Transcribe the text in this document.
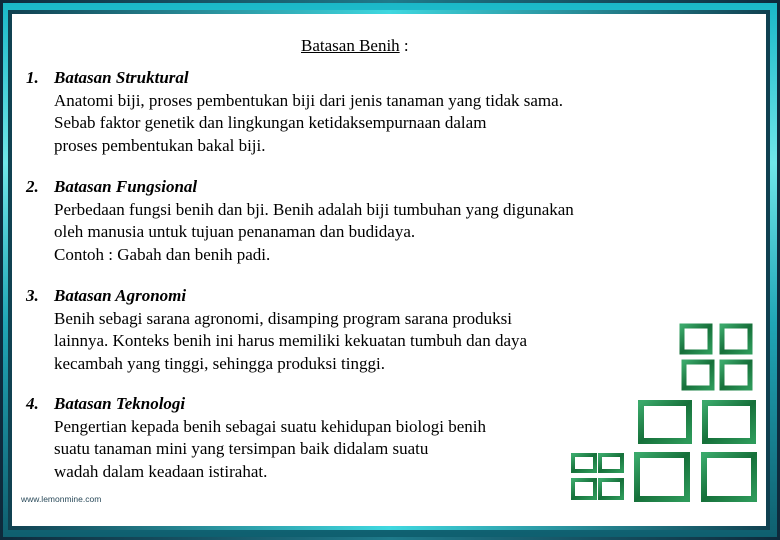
Batasan Benih :
1. Batasan Struktural
Anatomi biji, proses pembentukan biji dari jenis tanaman yang tidak sama.
Sebab faktor genetik dan lingkungan ketidaksempurnaan dalam
proses pembentukan bakal biji.
2. Batasan Fungsional
Perbedaan fungsi benih dan bji. Benih adalah biji tumbuhan yang digunakan
oleh manusia untuk tujuan penanaman dan budidaya.
Contoh : Gabah dan benih padi.
3. Batasan Agronomi
Benih sebagi sarana agronomi, disamping program sarana produksi
lainnya. Konteks benih ini harus memiliki kekuatan tumbuh dan daya
kecambah yang tinggi, sehingga produksi tinggi.
4. Batasan Teknologi
Pengertian kepada benih sebagai suatu kehidupan biologi benih
suatu tanaman mini yang tersimpan baik didalam suatu
wadah dalam keadaan istirahat.
www.lemonmine.com
